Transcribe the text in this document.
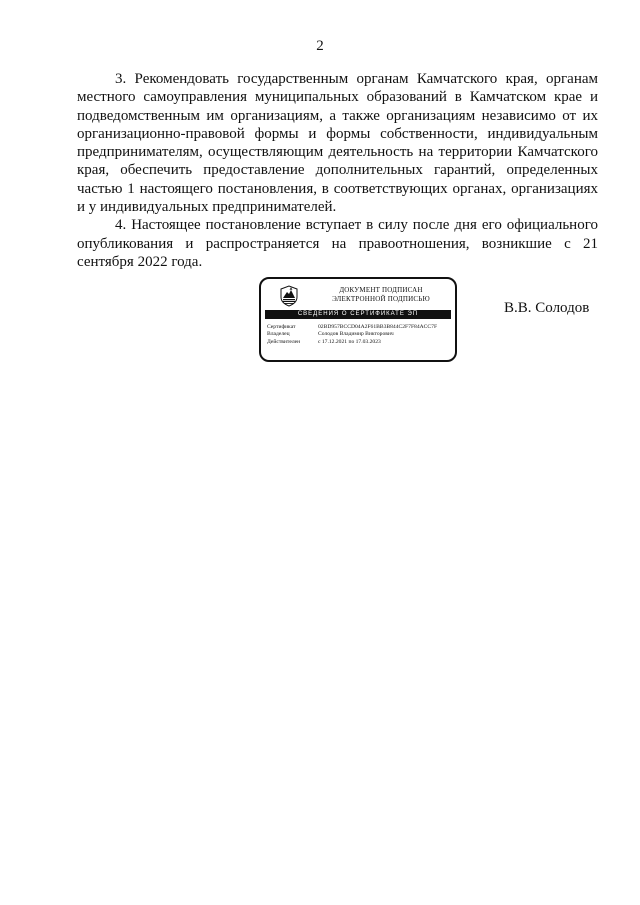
2

3. Рекомендовать государственным органам Камчатского края, органам местного самоуправления муниципальных образований в Камчатском крае и подведомственным им организациям, а также организациям независимо от их организационно-правовой формы и формы собственности, индивидуальным предпринимателям, осуществляющим деятельность на территории Камчатского края, обеспечить предоставление дополнительных гарантий, определенных частью 1 настоящего постановления, в соответствующих органах, организациях и у индивидуальных предпринимателей.

4. Настоящее постановление вступает в силу после дня его официального опубликования и распространяется на правоотношения, возникшие с 21 сентября 2022 года.

ДОКУМЕНТ ПОДПИСАН
ЭЛЕКТРОННОЙ ПОДПИСЬЮ
СВЕДЕНИЯ О СЕРТИФИКАТЕ ЭП
Сертификат	02BD957BCCD04A2F61BB3B844C2F7F84ACC7F
Владелец	Солодов Владимир Викторович
Действителен	с 17.12.2021 по 17.03.2023
В.В. Солодов
